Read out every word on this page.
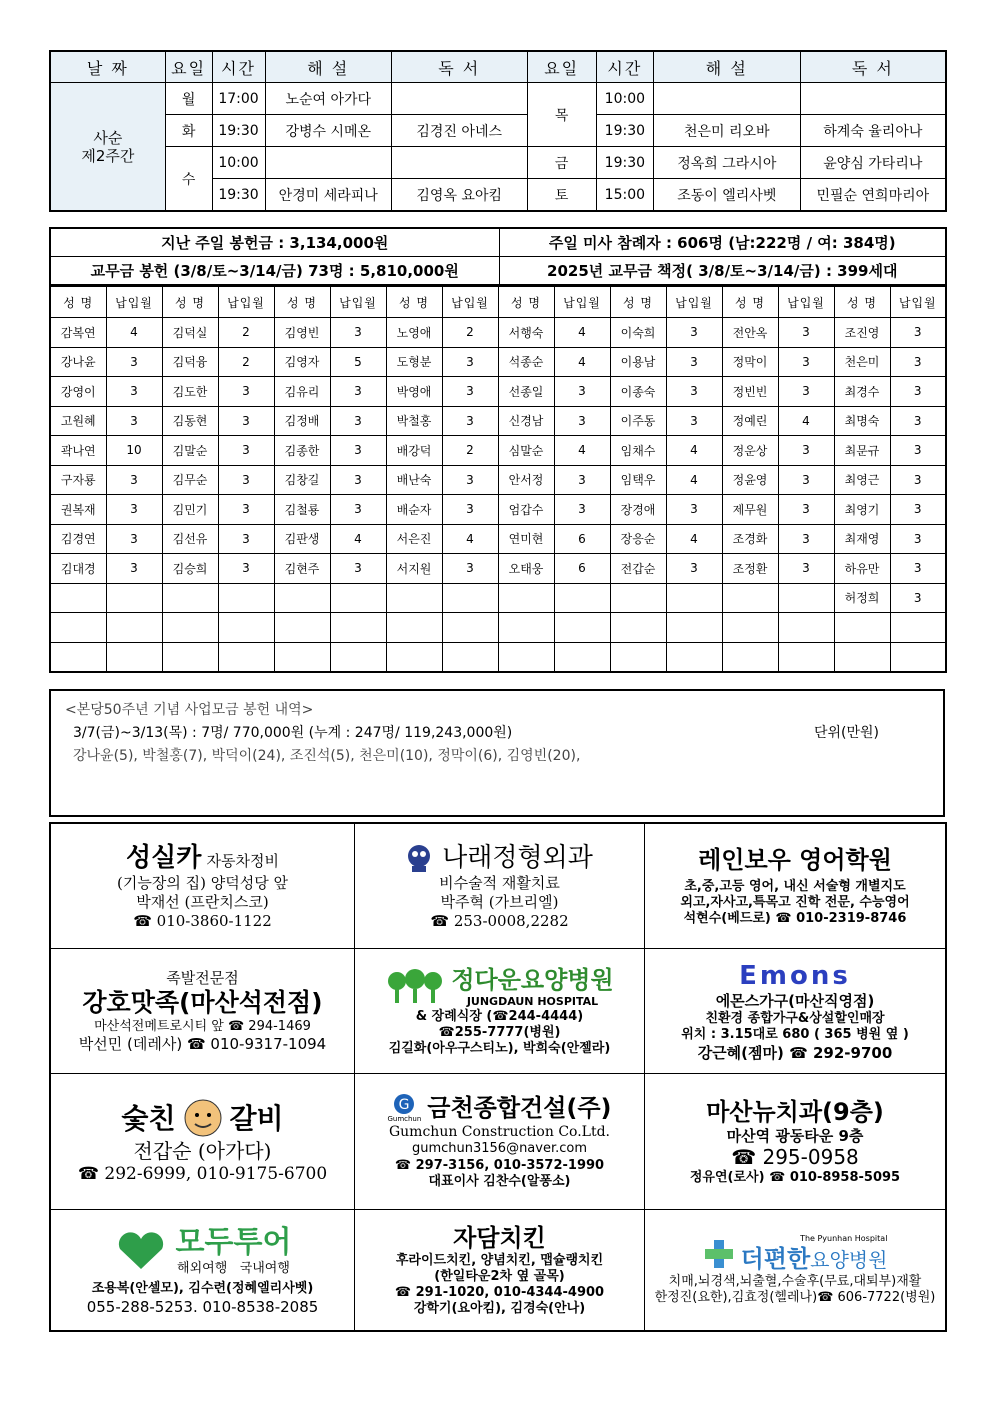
날 짜	요일	시간	해 설	독 서	요일	시간	해 설	독 서

사순
제2주간	월	17:00	노순여 아가다		목	10:00		
	화	19:30	강병수 시메온	김경진 아네스		19:30	천은미 리오바	하계숙 율리아나
	수	10:00			금	19:30	정옥희 그라시아	윤양심 가타리나
		19:30	안경미 세라피나	김영옥 요아킴	토	15:00	조동이 엘리사벳	민필순 연희마리아
지난 주일 봉헌금 : 3,134,000원	주일 미사 참례자 : 606명 (남:222명 / 여: 384명)
교무금 봉헌 (3/8/토~3/14/금) 73명 : 5,810,000원	2025년 교무금 책정( 3/8/토~3/14/금) : 399세대
성 명	납입월	성 명	납입월	성 명	납입월	성 명	납입월	성 명	납입월	성 명	납입월	성 명	납입월	성 명	납입월
감복연	4	김덕실	2	김영빈	3	노영애	2	서행숙	4	이숙희	3	전안옥	3	조진영	3
강나윤	3	김덕융	2	김영자	5	도형분	3	석종순	4	이용남	3	정막이	3	천은미	3
강영이	3	김도한	3	김유리	3	박영애	3	선종일	3	이종숙	3	정빈빈	3	최경수	3
고원혜	3	김동현	3	김정배	3	박철홍	3	신경남	3	이주동	3	정예린	4	최명숙	3
곽나연	10	김말순	3	김종한	3	배강덕	2	심말순	4	임채수	4	정운상	3	최문규	3
구자룡	3	김무순	3	김창길	3	배난숙	3	안서정	3	임택우	4	정윤영	3	최영근	3
권복재	3	김민기	3	김철룡	3	배순자	3	엄갑수	3	장경애	3	제무원	3	최영기	3
김경연	3	김선유	3	김판생	4	서은진	4	연미현	6	장응순	4	조경화	3	최재영	3
김대경	3	김승희	3	김현주	3	서지원	3	오태웅	6	전갑순	3	조정환	3	하유만	3
														허정희	3

<본당50주년 기념 사업모금 봉헌 내역>
3/7(금)~3/13(목) : 7명/ 770,000원 (누계 : 247명/ 119,243,000원)	단위(만원)
강나윤(5), 박철홍(7), 박덕이(24), 조진석(5), 천은미(10), 정막이(6), 김영빈(20),
성실카 자동차정비
(기능장의 집) 양덕성당 앞
박재선 (프란치스코)
☎ 010-3860-1122
나래정형외과
비수술적 재활치료
박주혁 (가브리엘)
☎ 253-0008,2282
레인보우 영어학원
초,중,고등 영어, 내신 서술형 개별지도
외고,자사고,특목고 진학 전문, 수능영어
석현수(베드로) ☎ 010-2319-8746
족발전문점
강호맛족(마산석전점)
마산석전메트로시티 앞 ☎ 294-1469
박선민 (데레사) ☎ 010-9317-1094
정다운요양병원
JUNGDAUN HOSPITAL
& 장례식장 (☎244-4444)
☎255-7777(병원)
김길화(아우구스티노), 박희숙(안젤라)
Emons
에몬스가구(마산직영점)
친환경 종합가구&상설할인매장
위치 : 3.15대로 680 ( 365 병원 옆 )
강근혜(젬마) ☎ 292-9700
숯친 갈비
전갑순 (아가다)
☎ 292-6999, 010-9175-6700
G
Gumchun 금천종합건설(주)
Gumchun Construction Co.Ltd.
gumchun3156@naver.com
☎ 297-3156, 010-3572-1990
대표이사 김찬수(알퐁소)
마산뉴치과(9층)
마산역 광동타운 9층
☎ 295-0958
정유연(로사) ☎ 010-8958-5095
모두투어
해외여행 국내여행
조용복(안셀모), 김수련(정혜엘리사벳)
055-288-5253. 010-8538-2085
자담치킨
후라이드치킨, 양념치킨, 맵슐랭치킨
(한일타운2차 옆 골목)
☎ 291-1020, 010-4344-4900
강학기(요아킴), 김경숙(안나)
The Pyunhan Hospital
더편한요양병원
치매,뇌경색,뇌출혈,수술후(무료,대퇴부)재활
한정진(요한),김효정(헬레나) ☎ 606-7722(병원)
